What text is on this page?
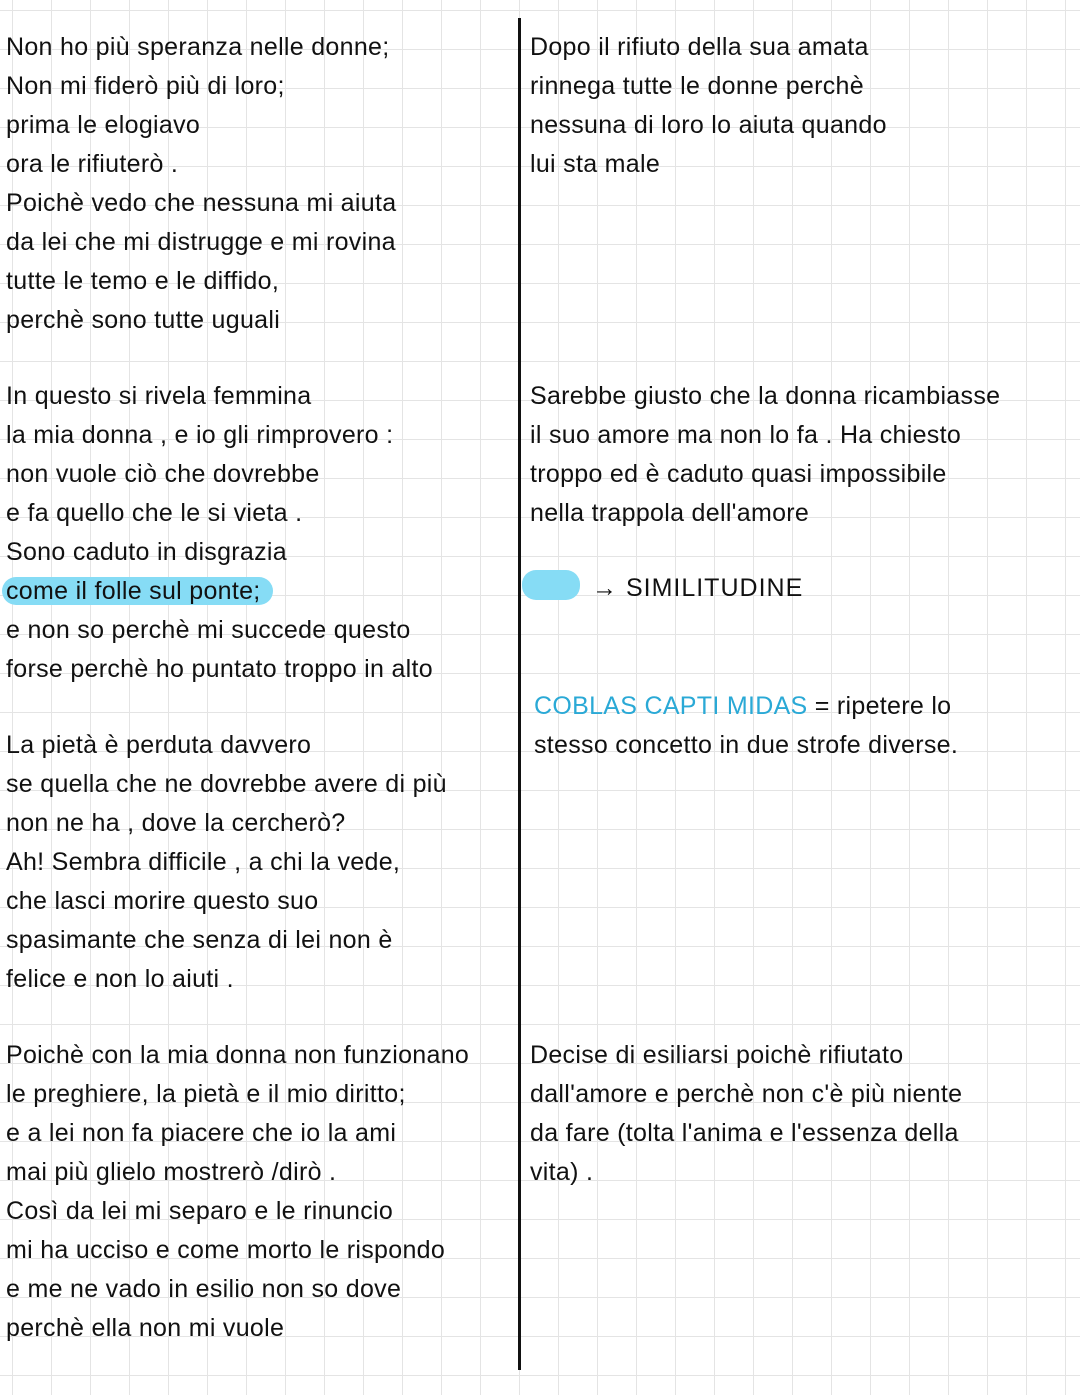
Non ho più speranza nelle donne;
Non mi fiderò più di loro;
prima le elogiavo
ora le rifiuterò .
Poichè vedo che nessuna mi aiuta
da lei che mi distrugge e mi rovina
tutte le temo e le diffido,
perchè sono tutte uguali
In questo si rivela femmina
la mia donna , e io gli rimprovero :
non vuole ciò che dovrebbe
e fa quello che le si vieta .
Sono caduto in disgrazia
come il folle sul ponte;
e non so perchè mi succede questo
forse perchè ho puntato troppo in alto
La pietà è perduta davvero
se quella che ne dovrebbe avere di più
non ne ha , dove la cercherò?
Ah! Sembra difficile , a chi la vede,
che lasci morire questo suo
spasimante che senza di lei non è
felice e non lo aiuti .
Poichè con la mia donna non funzionano
le preghiere, la pietà e il mio diritto;
e a lei non fa piacere che io la ami
mai più glielo mostrerò /dirò .
Così da lei mi separo e le rinuncio
mi ha ucciso e come morto le rispondo
e me ne vado in esilio non so dove
perchè ella non mi vuole
Dopo il rifiuto della sua amata
rinnega tutte le donne perchè
nessuna di loro lo aiuta quando
lui sta male
Sarebbe giusto che la donna ricambiasse
il suo amore ma non lo fa . Ha chiesto
troppo ed è caduto quasi impossibile
nella trappola dell'amore
→ SIMILITUDINE
COBLAS CAPTI MIDAS = ripetere lo
stesso concetto in due strofe diverse.
Decise di esiliarsi poichè rifiutato
dall'amore e perchè non c'è più niente
da fare (tolta l'anima e l'essenza della
vita) .
